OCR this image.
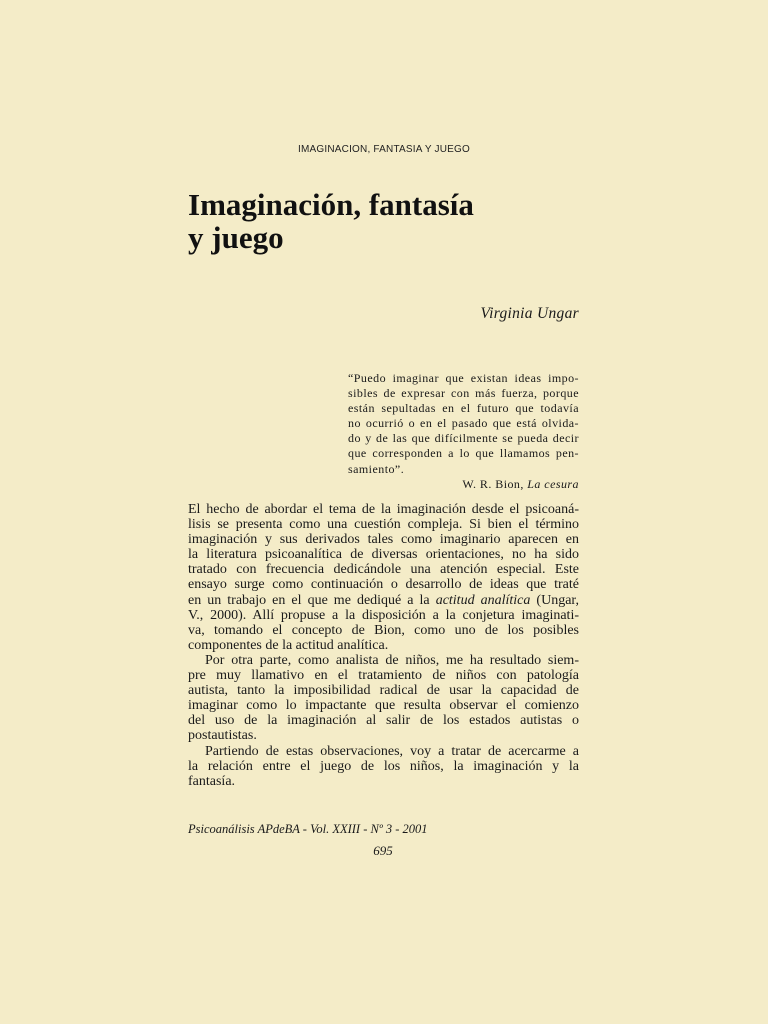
IMAGINACION, FANTASIA Y JUEGO
Imaginación, fantasía
y juego
Virginia Ungar
“Puedo imaginar que existan ideas impo-
sibles de expresar con más fuerza, porque
están sepultadas en el futuro que todavía
no ocurrió o en el pasado que está olvida-
do y de las que difícilmente se pueda decir
que corresponden a lo que llamamos pen-
samiento”.
W. R. Bion, La cesura
El hecho de abordar el tema de la imaginación desde el psicoaná-
lisis se presenta como una cuestión compleja. Si bien el término
imaginación y sus derivados tales como imaginario aparecen en
la literatura psicoanalítica de diversas orientaciones, no ha sido
tratado con frecuencia dedicándole una atención especial. Este
ensayo surge como continuación o desarrollo de ideas que traté
en un trabajo en el que me dediqué a la actitud analítica (Ungar,
V., 2000). Allí propuse a la disposición a la conjetura imaginati-
va, tomando el concepto de Bion, como uno de los posibles
componentes de la actitud analítica.
Por otra parte, como analista de niños, me ha resultado siem-
pre muy llamativo en el tratamiento de niños con patología
autista, tanto la imposibilidad radical de usar la capacidad de
imaginar como lo impactante que resulta observar el comienzo
del uso de la imaginación al salir de los estados autistas o
postautistas.
Partiendo de estas observaciones, voy a tratar de acercarme a
la relación entre el juego de los niños, la imaginación y la
fantasía.
Psicoanálisis APdeBA - Vol. XXIII - Nº 3 - 2001
695
